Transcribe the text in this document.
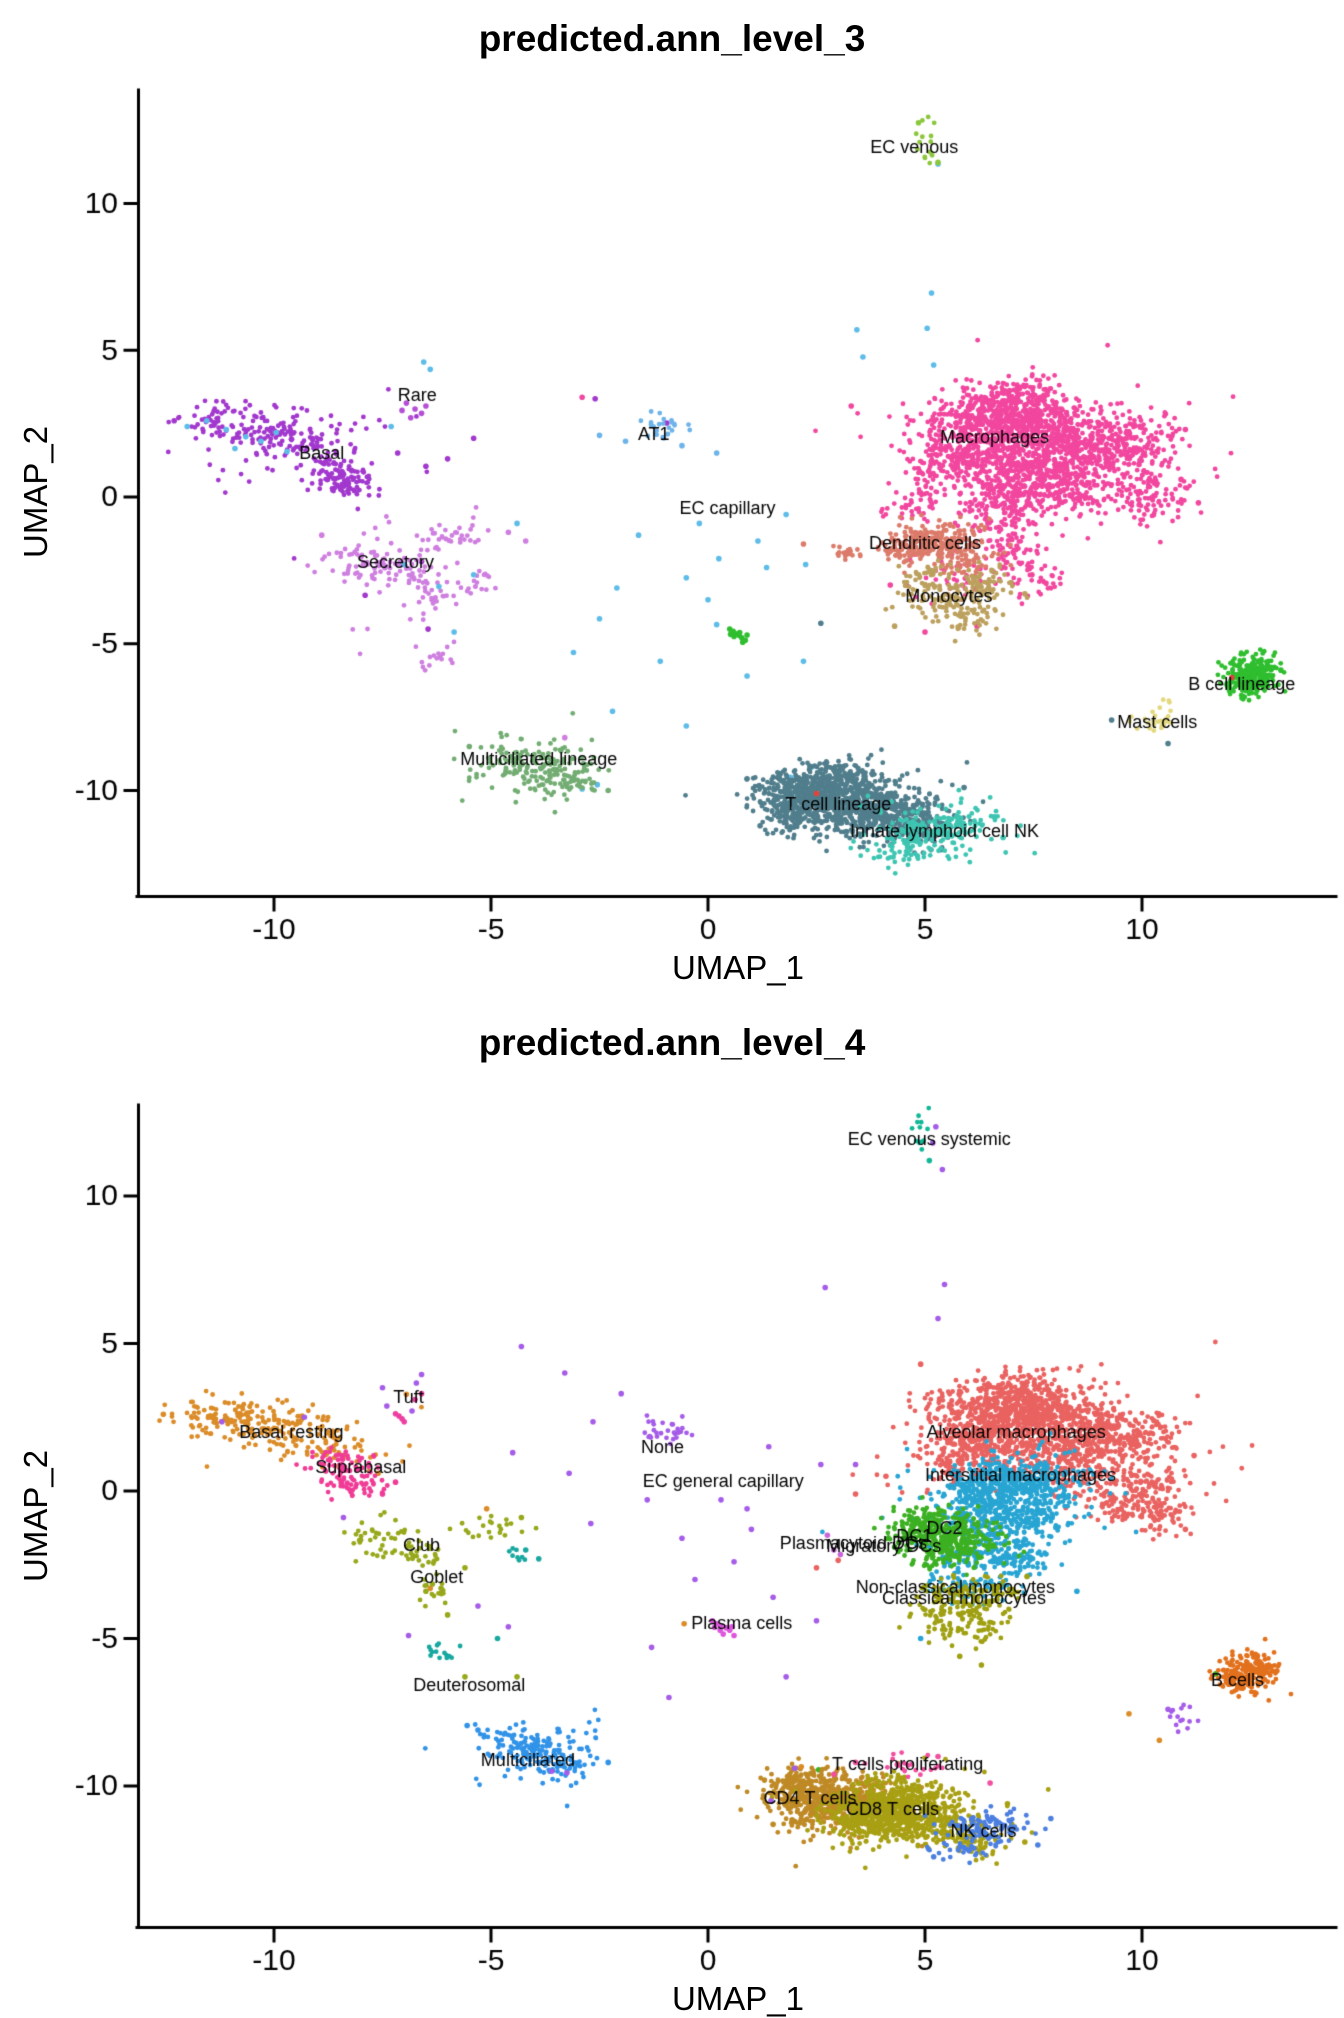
UMAP_1
UMAP_2
UMAP_1
UMAP_2
